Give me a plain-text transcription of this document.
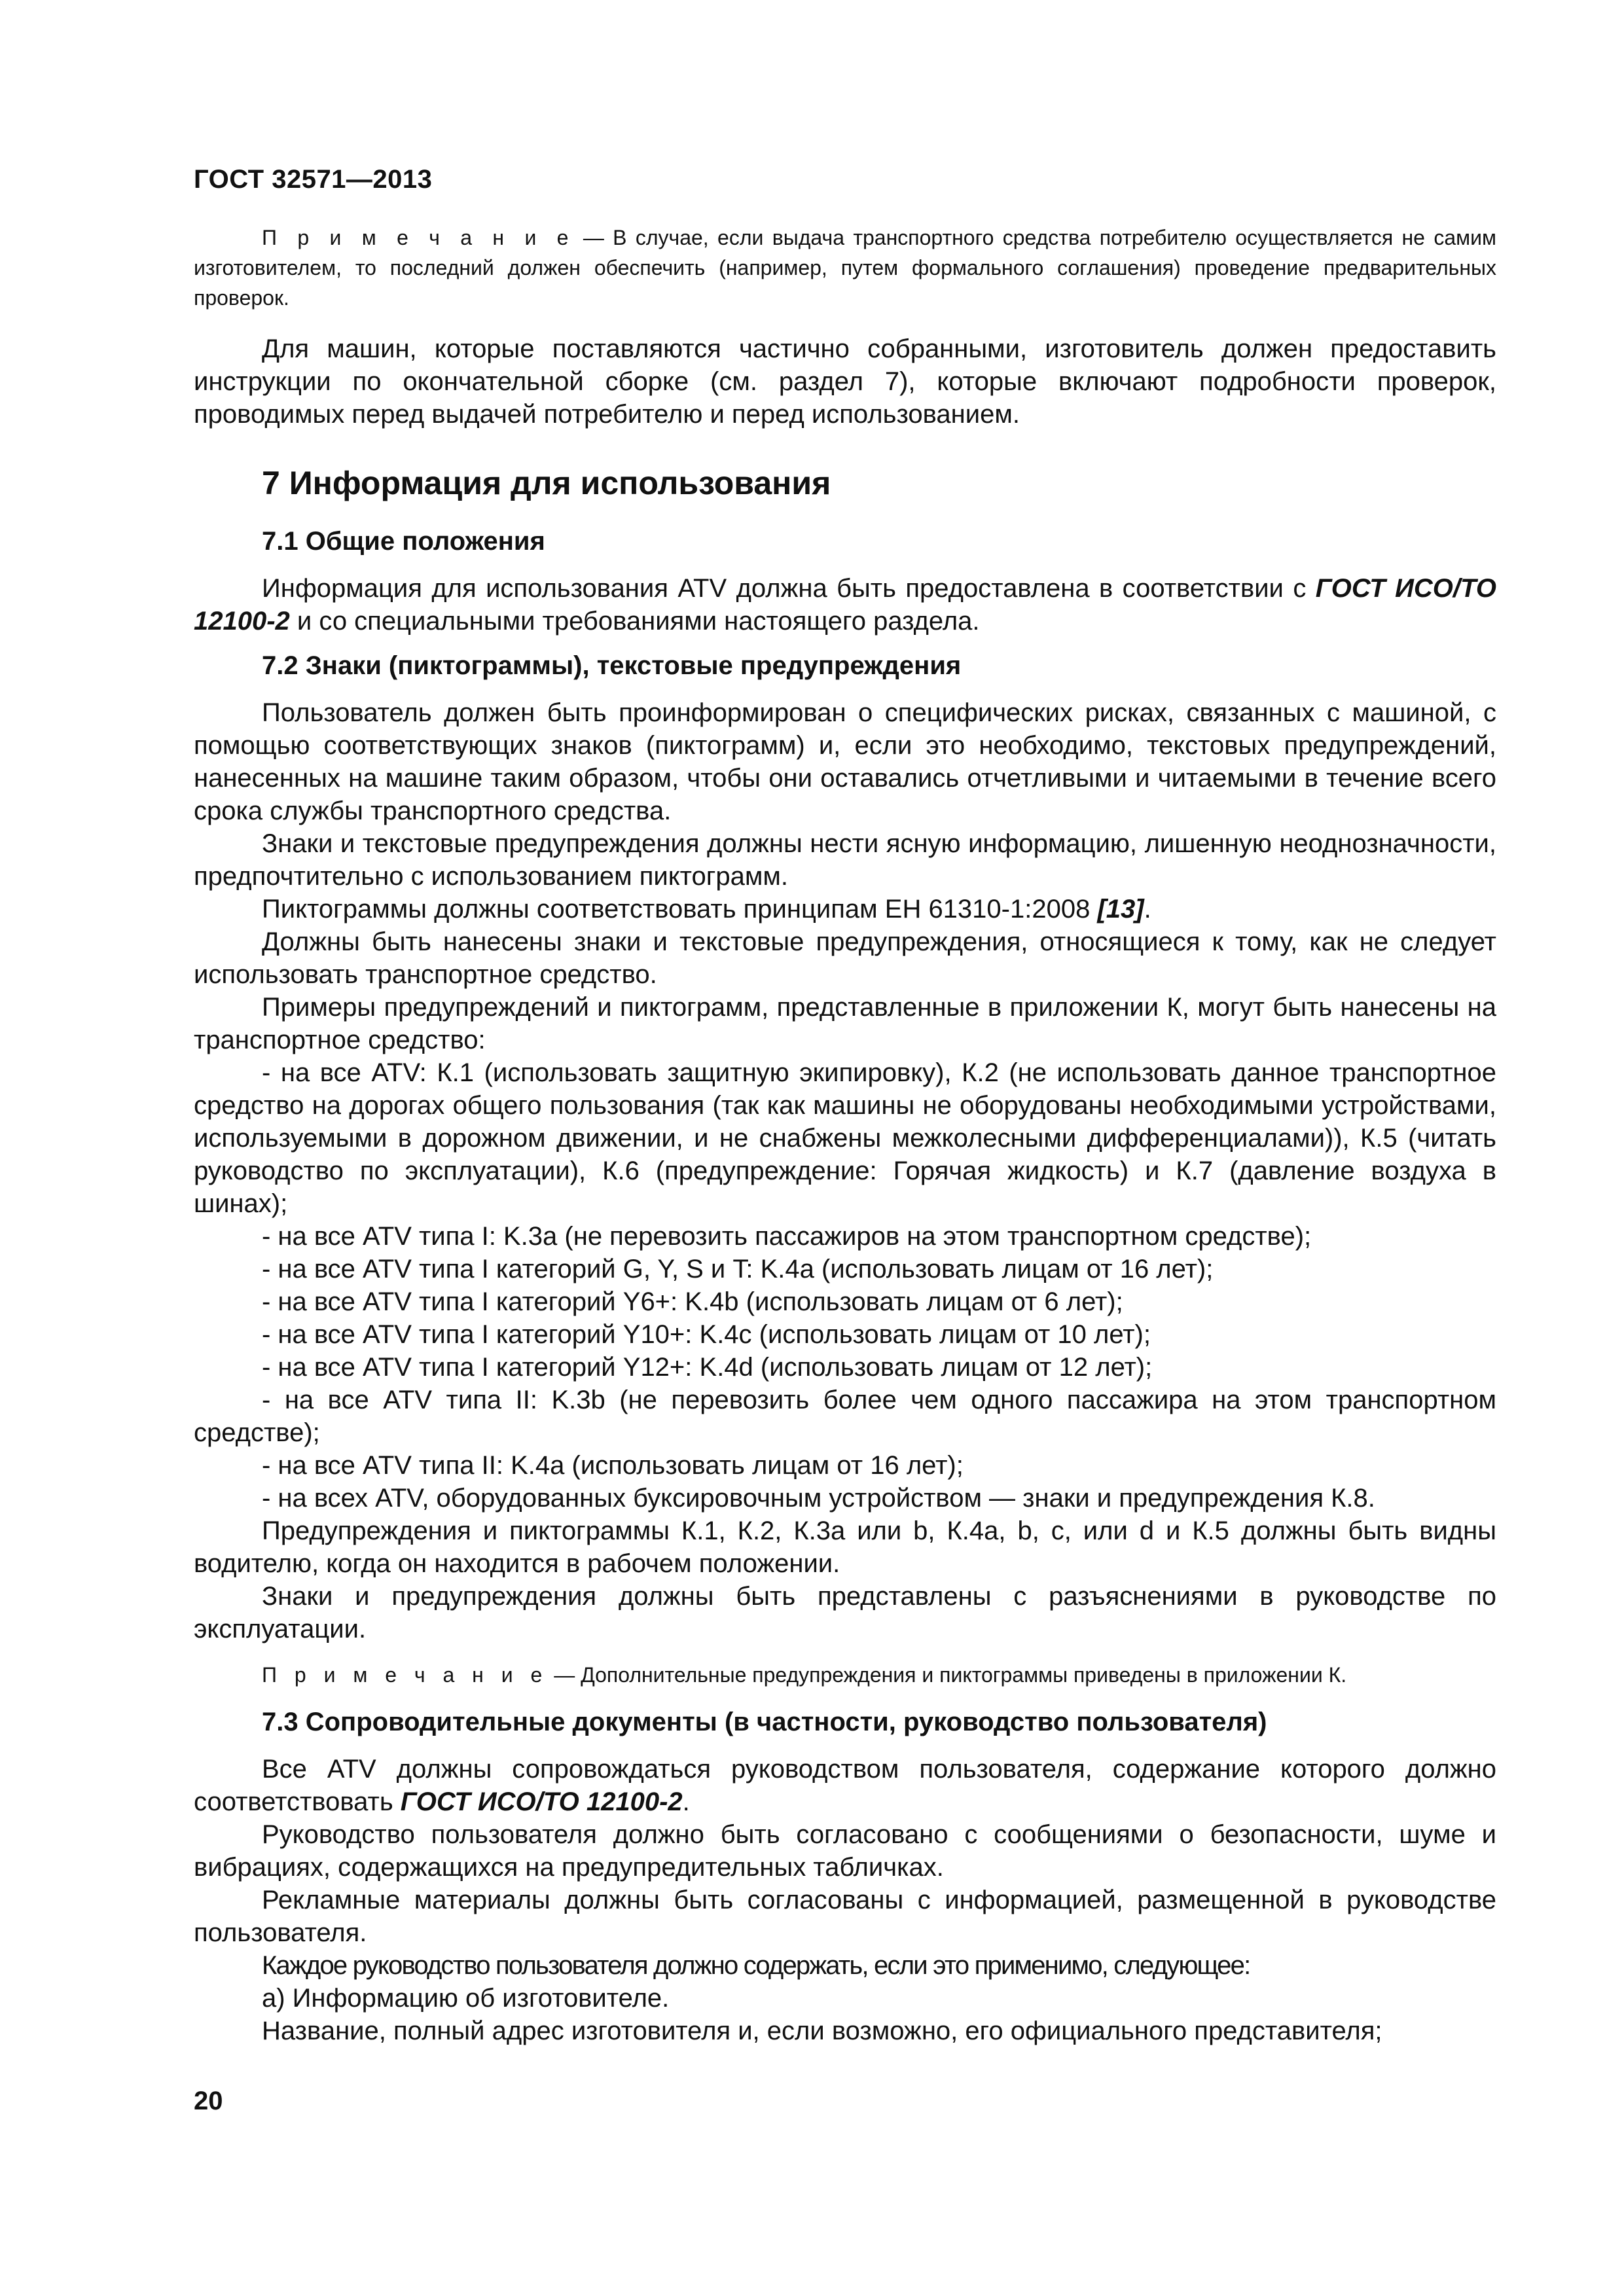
ГОСТ 32571—2013

П р и м е ч а н и е — В случае, если выдача транспортного средства потребителю осуществляется не самим изготовителем, то последний должен обеспечить (например, путем формального соглашения) проведение предварительных проверок.

Для машин, которые поставляются частично собранными, изготовитель должен предоставить инструкции по окончательной сборке (см. раздел 7), которые включают подробности проверок, проводимых перед выдачей потребителю и перед использованием.

7 Информация для использования
7.1 Общие положения

Информация для использования ATV должна быть предоставлена в соответствии с ГОСТ ИСО/ТО 12100-2 и со специальными требованиями настоящего раздела.

7.2 Знаки (пиктограммы), текстовые предупреждения

Пользователь должен быть проинформирован о специфических рисках, связанных с машиной, с помощью соответствующих знаков (пиктограмм) и, если это необходимо, текстовых предупреждений, нанесенных на машине таким образом, чтобы они оставались отчетливыми и читаемыми в течение всего срока службы транспортного средства.

Знаки и текстовые предупреждения должны нести ясную информацию, лишенную неоднозначности, предпочтительно с использованием пиктограмм.

Пиктограммы должны соответствовать принципам ЕН 61310-1:2008 [13].

Должны быть нанесены знаки и текстовые предупреждения, относящиеся к тому, как не следует использовать транспортное средство.

Примеры предупреждений и пиктограмм, представленные в приложении К, могут быть нанесены на транспортное средство:

- на все ATV: К.1 (использовать защитную экипировку), К.2 (не использовать данное транспортное средство на дорогах общего пользования (так как машины не оборудованы необходимыми устройствами, используемыми в дорожном движении, и не снабжены межколесными дифференциалами)), К.5 (читать руководство по эксплуатации), К.6 (предупреждение: Горячая жидкость) и К.7 (давление воздуха в шинах);

- на все ATV типа I: K.3a (не перевозить пассажиров на этом транспортном средстве);

- на все ATV типа I категорий G, Y, S и T: K.4a (использовать лицам от 16 лет);

- на все ATV типа I категорий Y6+: K.4b (использовать лицам от 6 лет);

- на все ATV типа I категорий Y10+: K.4c (использовать лицам от 10 лет);

- на все ATV типа I категорий Y12+: K.4d (использовать лицам от 12 лет);

- на все ATV типа II: K.3b (не перевозить более чем одного пассажира на этом транспортном средстве);

- на все ATV типа II: K.4a (использовать лицам от 16 лет);

- на всех ATV, оборудованных буксировочным устройством — знаки и предупреждения К.8.

Предупреждения и пиктограммы К.1, К.2, К.3a или b, К.4a, b, c, или d и К.5 должны быть видны водителю, когда он находится в рабочем положении.

Знаки и предупреждения должны быть представлены с разъяснениями в руководстве по эксплуатации.

П р и м е ч а н и е — Дополнительные предупреждения и пиктограммы приведены в приложении К.

7.3 Сопроводительные документы (в частности, руководство пользователя)

Все ATV должны сопровождаться руководством пользователя, содержание которого должно соответствовать ГОСТ ИСО/ТО 12100-2.

Руководство пользователя должно быть согласовано с сообщениями о безопасности, шуме и вибрациях, содержащихся на предупредительных табличках.

Рекламные материалы должны быть согласованы с информацией, размещенной в руководстве пользователя.

Каждое руководство пользователя должно содержать, если это применимо, следующее:

а) Информацию об изготовителе.

Название, полный адрес изготовителя и, если возможно, его официального представителя;

20
